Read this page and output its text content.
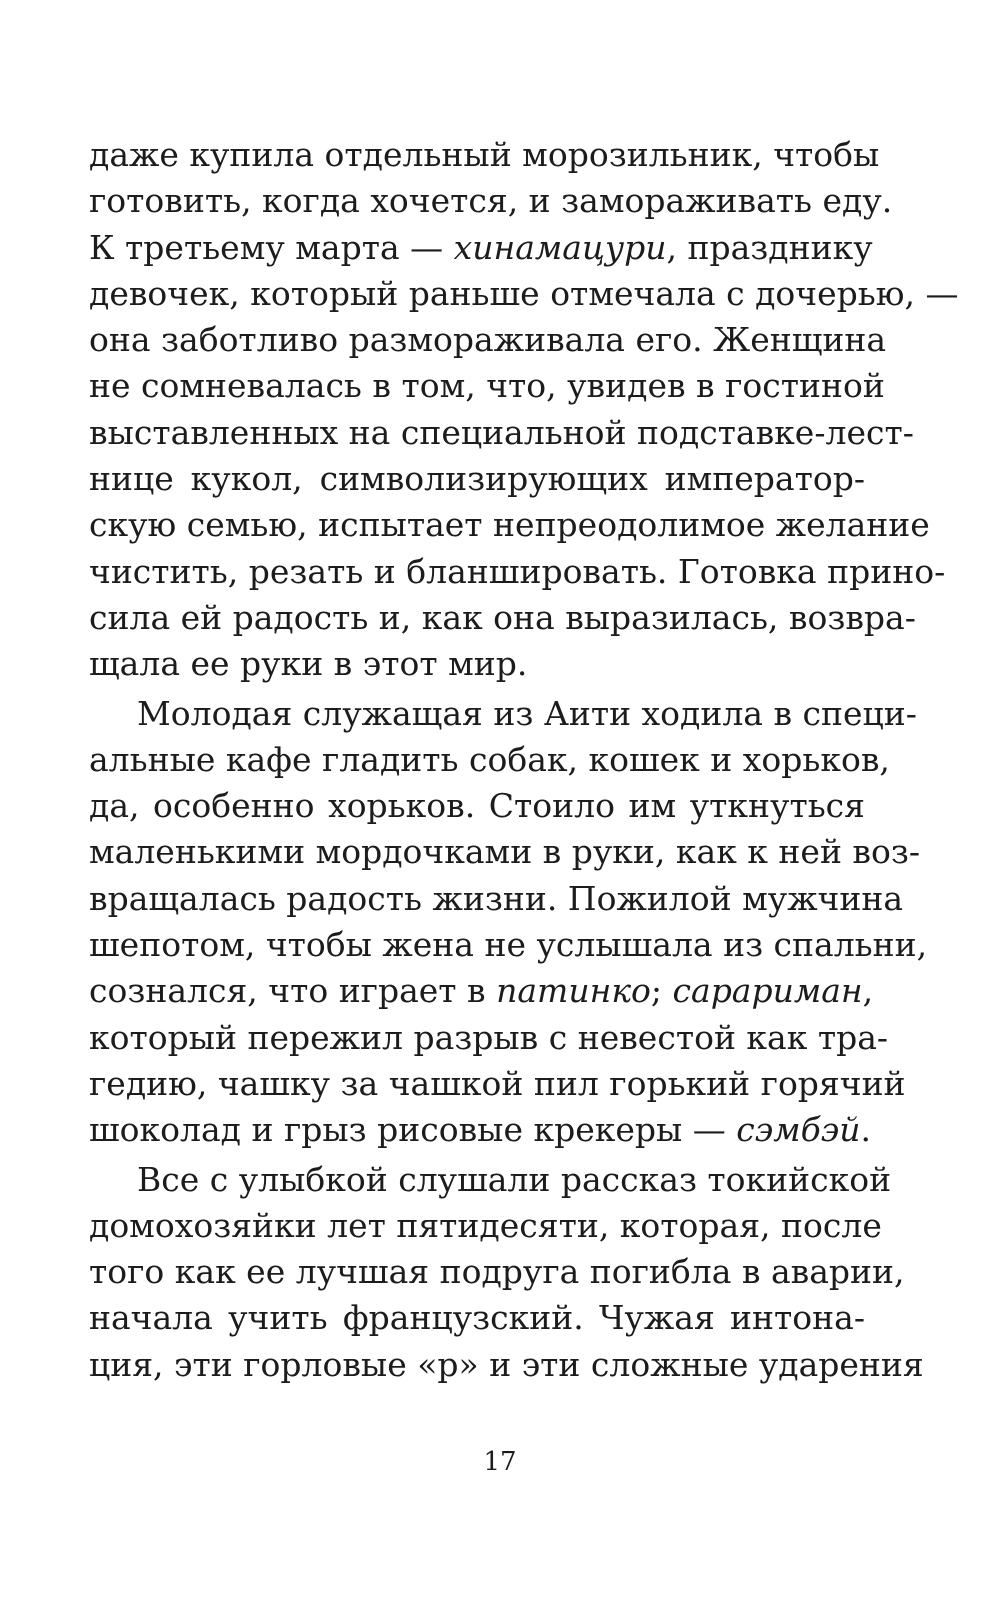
даже купила отдельный морозильник, чтобы
готовить, когда хочется, и замораживать еду.
К третьему марта — хинамацури, празднику
девочек, который раньше отмечала с дочерью, —
она заботливо размораживала его. Женщина
не сомневалась в том, что, увидев в гостиной
выставленных на специальной подставке-лест-
нице кукол, символизирующих император-
скую семью, испытает непреодолимое желание
чистить, резать и бланшировать. Готовка прино-
сила ей радость и, как она выразилась, возвра-
щала ее руки в этот мир.
Молодая служащая из Аити ходила в специ-
альные кафе гладить собак, кошек и хорьков,
да, особенно хорьков. Стоило им уткнуться
маленькими мордочками в руки, как к ней воз-
вращалась радость жизни. Пожилой мужчина
шепотом, чтобы жена не услышала из спальни,
сознался, что играет в патинко; сарариман,
который пережил разрыв с невестой как тра-
гедию, чашку за чашкой пил горький горячий
шоколад и грыз рисовые крекеры — сэмбэй.
Все с улыбкой слушали рассказ токийской
домохозяйки лет пятидесяти, которая, после
того как ее лучшая подруга погибла в аварии,
начала учить французский. Чужая интона-
ция, эти горловые «р» и эти сложные ударения
17
